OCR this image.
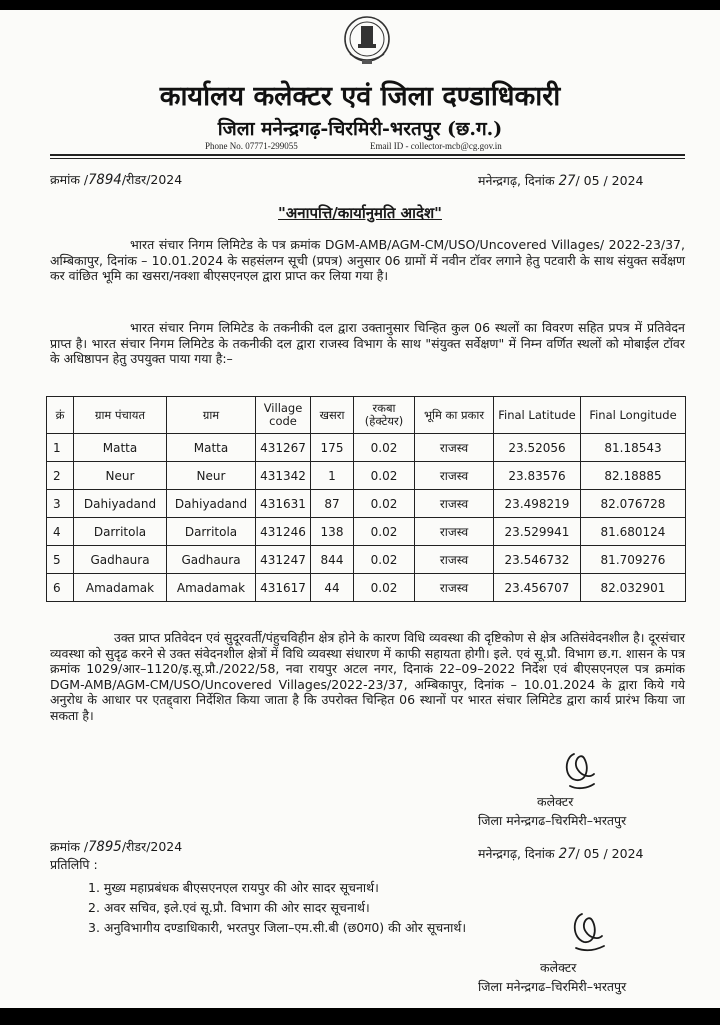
कार्यालय कलेक्टर एवं जिला दण्डाधिकारी
जिला मनेन्द्रगढ़-चिरमिरी-भरतपुर (छ.ग.)
Phone No. 07771-299055	Email ID - collector-mcb@cg.gov.in
क्रमांक /7894/रीडर/2024	मनेन्द्रगढ़, दिनांक 27/ 05 / 2024
"अनापत्ति/कार्यानुमति आदेश"
भारत संचार निगम लिमिटेड के पत्र क्रमांक DGM-AMB/AGM-CM/USO/Uncovered Villages/ 2022-23/37, अम्बिकापुर, दिनांक – 10.01.2024 के सहसंलग्न सूची (प्रपत्र) अनुसार 06 ग्रामों में नवीन टॉवर लगाने हेतु पटवारी के साथ संयुक्त सर्वेक्षण कर वांछित भूमि का खसरा/नक्शा बीएसएनएल द्वारा प्राप्त कर लिया गया है।
भारत संचार निगम लिमिटेड के तकनीकी दल द्वारा उक्तानुसार चिन्हित कुल 06 स्थलों का विवरण सहित प्रपत्र में प्रतिवेदन प्राप्त है। भारत संचार निगम लिमिटेड के तकनीकी दल द्वारा राजस्व विभाग के साथ "संयुक्त सर्वेक्षण" में निम्न वर्णित स्थलों को मोबाईल टॉवर के अधिष्ठापन हेतु उपयुक्त पाया गया है:–
क्रं	ग्राम पंचायत	ग्राम	Village code	खसरा	रकबा (हेक्टेयर)	भूमि का प्रकार	Final Latitude	Final Longitude
1	Matta	Matta	431267	175	0.02	राजस्व	23.52056	81.18543
2	Neur	Neur	431342	1	0.02	राजस्व	23.83576	82.18885
3	Dahiyadand	Dahiyadand	431631	87	0.02	राजस्व	23.498219	82.076728
4	Darritola	Darritola	431246	138	0.02	राजस्व	23.529941	81.680124
5	Gadhaura	Gadhaura	431247	844	0.02	राजस्व	23.546732	81.709276
6	Amadamak	Amadamak	431617	44	0.02	राजस्व	23.456707	82.032901
उक्त प्राप्त प्रतिवेदन एवं सुदूरवर्ती/पंहुचविहीन क्षेत्र होने के कारण विधि व्यवस्था की दृष्टिकोण से क्षेत्र अतिसंवेदनशील है। दूरसंचार व्यवस्था को सुदृढ करने से उक्त संवेदनशील क्षेत्रों में विधि व्यवस्था संधारण में काफी सहायता होगी। इले. एवं सू.प्रौ. विभाग छ.ग. शासन के पत्र क्रमांक 1029/आर–1120/इ.सू.प्रौ./2022/58, नवा रायपुर अटल नगर, दिनाकं 22–09–2022 निर्देश एवं बीएसएनएल पत्र क्रमांक DGM-AMB/AGM-CM/USO/Uncovered Villages/2022-23/37, अम्बिकापुर, दिनांक – 10.01.2024 के द्वारा किये गये अनुरोध के आधार पर एतद्द्वारा निर्देशित किया जाता है कि उपरोक्त चिन्हित 06 स्थानों पर भारत संचार लिमिटेड द्वारा कार्य प्रारंभ किया जा सकता है।
कलेक्टर
जिला मनेन्द्रगढ–चिरमिरी–भरतपुर
क्रमांक /7895/रीडर/2024	मनेन्द्रगढ़, दिनांक 27/ 05 / 2024
प्रतिलिपि :
1. मुख्य महाप्रबंधक बीएसएनएल रायपुर की ओर सादर सूचनार्थ।
2. अवर सचिव, इले.एवं सू.प्रौ. विभाग की ओर सादर सूचनार्थ।
3. अनुविभागीय दण्डाधिकारी, भरतपुर जिला–एम.सी.बी (छ0ग0) की ओर सूचनार्थ।
कलेक्टर
जिला मनेन्द्रगढ–चिरमिरी–भरतपुर
